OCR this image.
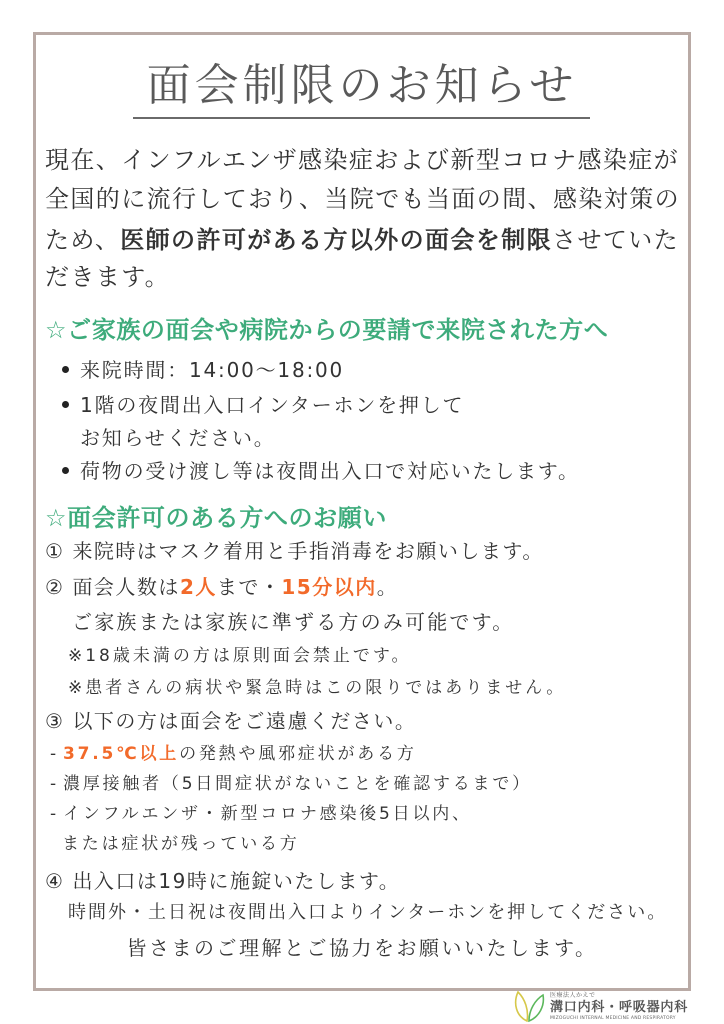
面会制限のお知らせ
現在、インフルエンザ感染症および新型コロナ感染症が
全国的に流行しており、当院でも当面の間、感染対策の
ため、医師の許可がある方以外の面会を制限させていた
だきます。
☆ご家族の面会や病院からの要請で来院された方へ
来院時間：14:00～18:00
1階の夜間出入口インターホンを押して
お知らせください。
荷物の受け渡し等は夜間出入口で対応いたします。
☆面会許可のある方へのお願い
① 来院時はマスク着用と手指消毒をお願いします。
② 面会人数は2人まで・15分以内。
ご家族または家族に準ずる方のみ可能です。
※18歳未満の方は原則面会禁止です。
※患者さんの病状や緊急時はこの限りではありません。
③ 以下の方は面会をご遠慮ください。
- 37.5℃以上の発熱や風邪症状がある方
- 濃厚接触者（5日間症状がないことを確認するまで）
- インフルエンザ・新型コロナ感染後5日以内、
または症状が残っている方
④ 出入口は19時に施錠いたします。
時間外・土日祝は夜間出入口よりインターホンを押してください。
皆さまのご理解とご協力をお願いいたします。
医療法人かえで
溝口内科・呼吸器内科
MIZOGUCHI INTERNAL MEDICINE AND RESPIRATORY
